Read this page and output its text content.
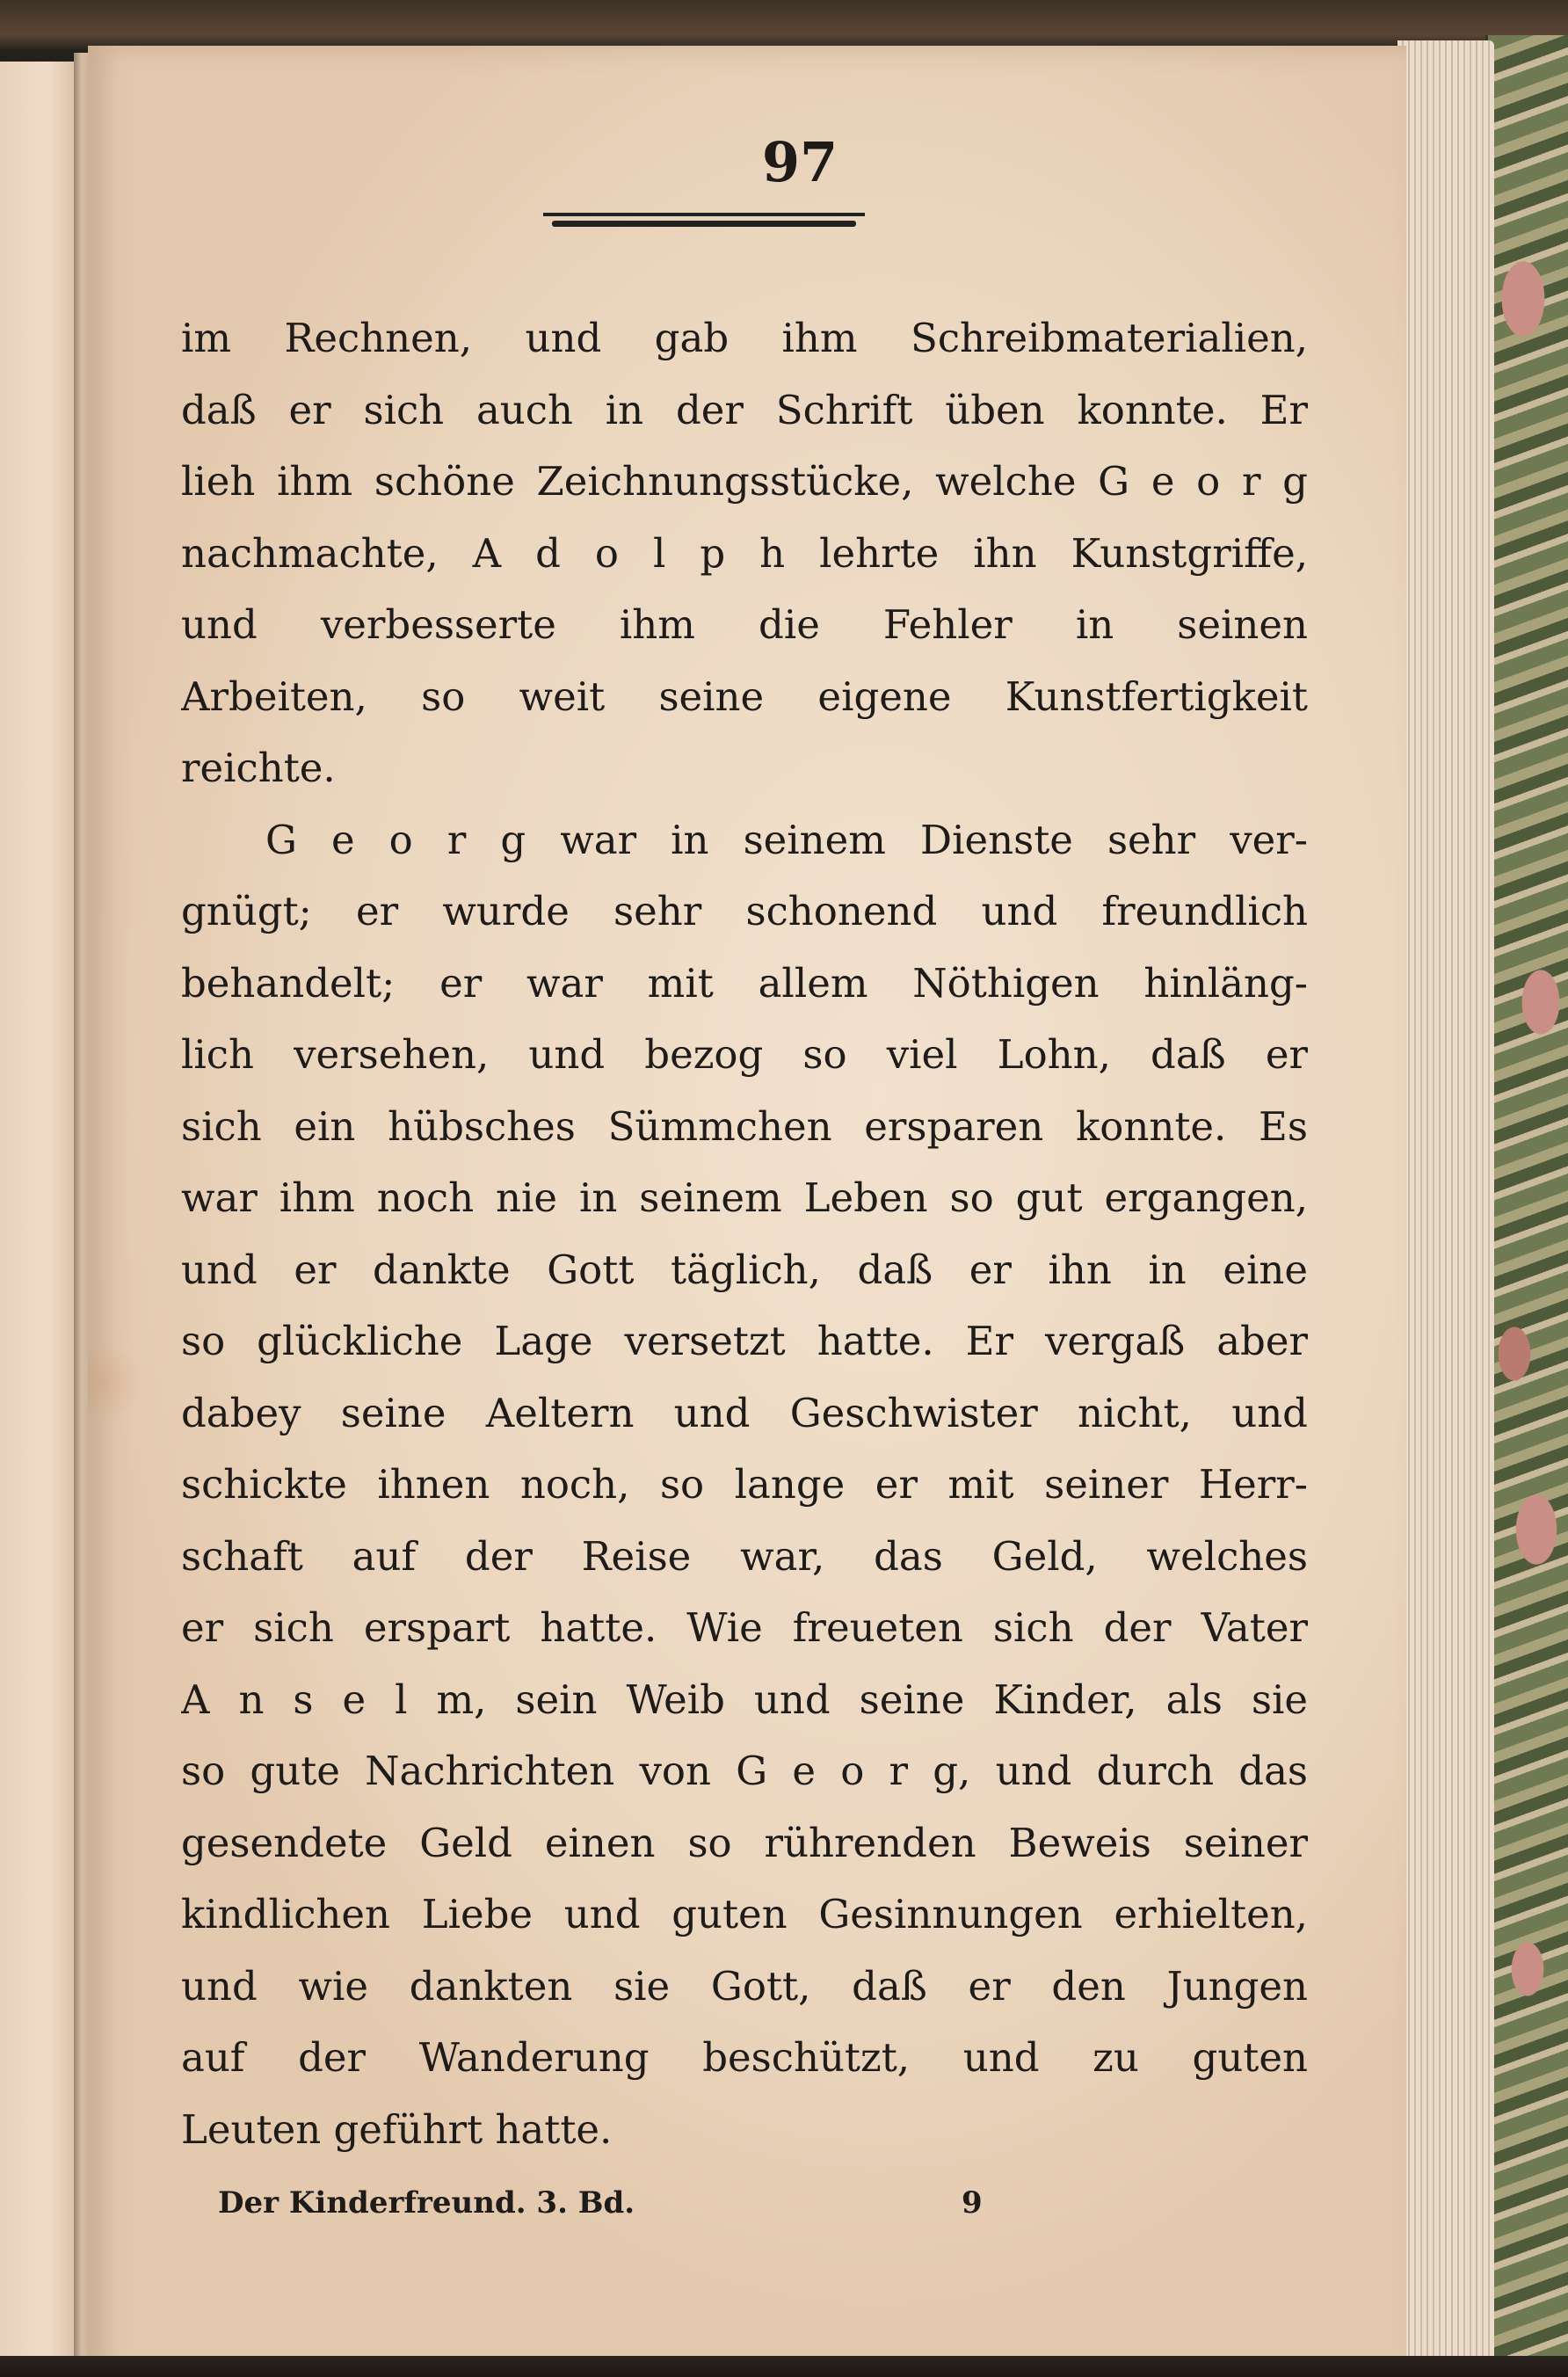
97
im Rechnen, und gab ihm Schreibmaterialien,
daß er sich auch in der Schrift üben konnte. Er
lieh ihm schöne Zeichnungsstücke, welche G e o r g
nachmachte, A d o l p h lehrte ihn Kunstgriffe,
und verbesserte ihm die Fehler in seinen
Arbeiten, so weit seine eigene Kunstfertigkeit
reichte.
G e o r g war in seinem Dienste sehr ver-
gnügt; er wurde sehr schonend und freundlich
behandelt; er war mit allem Nöthigen hinläng-
lich versehen, und bezog so viel Lohn, daß er
sich ein hübsches Sümmchen ersparen konnte. Es
war ihm noch nie in seinem Leben so gut ergangen,
und er dankte Gott täglich, daß er ihn in eine
so glückliche Lage versetzt hatte. Er vergaß aber
dabey seine Aeltern und Geschwister nicht, und
schickte ihnen noch, so lange er mit seiner Herr-
schaft auf der Reise war, das Geld, welches
er sich erspart hatte. Wie freueten sich der Vater
A n s e l m, sein Weib und seine Kinder, als sie
so gute Nachrichten von G e o r g, und durch das
gesendete Geld einen so rührenden Beweis seiner
kindlichen Liebe und guten Gesinnungen erhielten,
und wie dankten sie Gott, daß er den Jungen
auf der Wanderung beschützt, und zu guten
Leuten geführt hatte.
Der Kinderfreund. 3. Bd.	9
